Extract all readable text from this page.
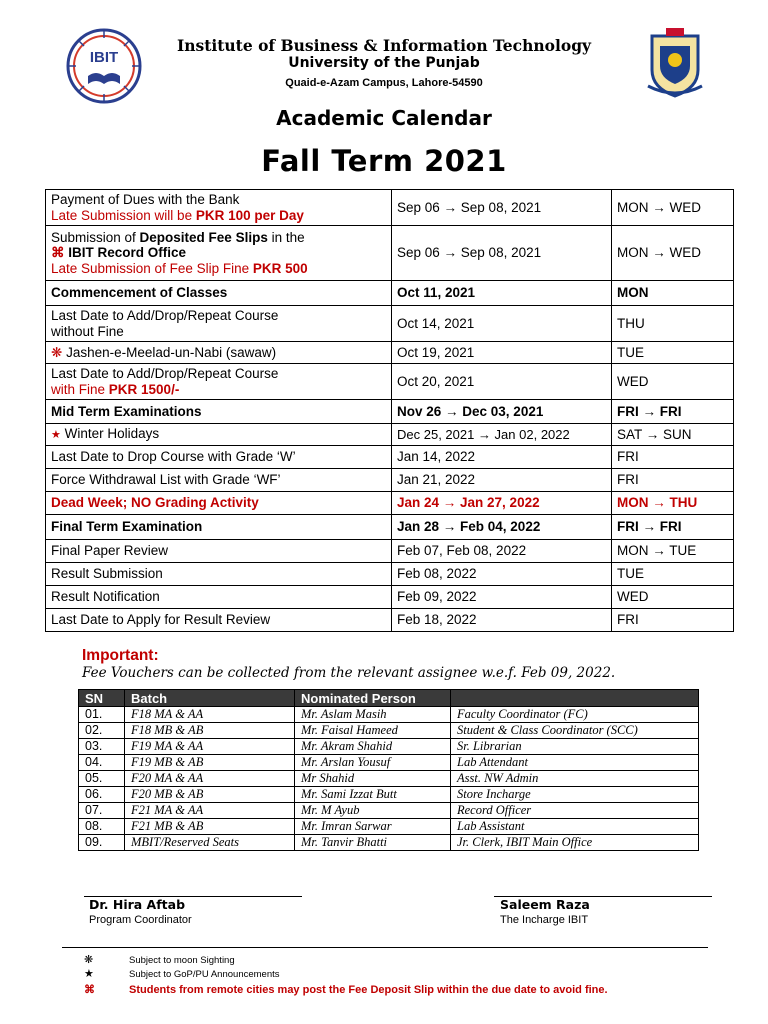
IBIT
Institute of Business & Information Technology
University of the Punjab
Quaid-e-Azam Campus, Lahore-54590
Academic Calendar
Fall Term 2021
Payment of Dues with the Bank
Late Submission will be PKR 100 per Day	Sep 06 → Sep 08, 2021	MON → WED
Submission of Deposited Fee Slips in the
⌘ IBIT Record Office
Late Submission of Fee Slip Fine PKR 500	Sep 06 → Sep 08, 2021	MON → WED
Commencement of Classes	Oct 11, 2021	MON
Last Date to Add/Drop/Repeat Course
without Fine	Oct 14, 2021	THU
❋ Jashen-e-Meelad-un-Nabi (sawaw)	Oct 19, 2021	TUE
Last Date to Add/Drop/Repeat Course
with Fine PKR 1500/-	Oct 20, 2021	WED
Mid Term Examinations	Nov 26 → Dec 03, 2021	FRI → FRI
★ Winter Holidays	Dec 25, 2021 → Jan 02, 2022	SAT → SUN
Last Date to Drop Course with Grade ‘W’	Jan 14, 2022	FRI
Force Withdrawal List with Grade ‘WF’	Jan 21, 2022	FRI
Dead Week; NO Grading Activity	Jan 24 → Jan 27, 2022	MON → THU
Final Term Examination	Jan 28 → Feb 04, 2022	FRI → FRI
Final Paper Review	Feb 07, Feb 08, 2022	MON → TUE
Result Submission	Feb 08, 2022	TUE
Result Notification	Feb 09, 2022	WED
Last Date to Apply for Result Review	Feb 18, 2022	FRI
Important:
Fee Vouchers can be collected from the relevant assignee w.e.f. Feb 09, 2022.
SN	Batch	Nominated Person	
01.	F18 MA & AA	Mr. Aslam Masih	Faculty Coordinator (FC)
02.	F18 MB & AB	Mr. Faisal Hameed	Student & Class Coordinator (SCC)
03.	F19 MA & AA	Mr. Akram Shahid	Sr. Librarian
04.	F19 MB & AB	Mr. Arslan Yousuf	Lab Attendant
05.	F20 MA & AA	Mr Shahid	Asst. NW Admin
06.	F20 MB & AB	Mr. Sami Izzat Butt	Store Incharge
07.	F21 MA & AA	Mr. M Ayub	Record Officer
08.	F21 MB & AB	Mr. Imran Sarwar	Lab Assistant
09.	MBIT/Reserved Seats	Mr. Tanvir Bhatti	Jr. Clerk, IBIT Main Office
Dr. Hira Aftab
Program Coordinator
Saleem Raza
The Incharge IBIT
❋	Subject to moon Sighting
★	Subject to GoP/PU Announcements
⌘	Students from remote cities may post the Fee Deposit Slip within the due date to avoid fine.
